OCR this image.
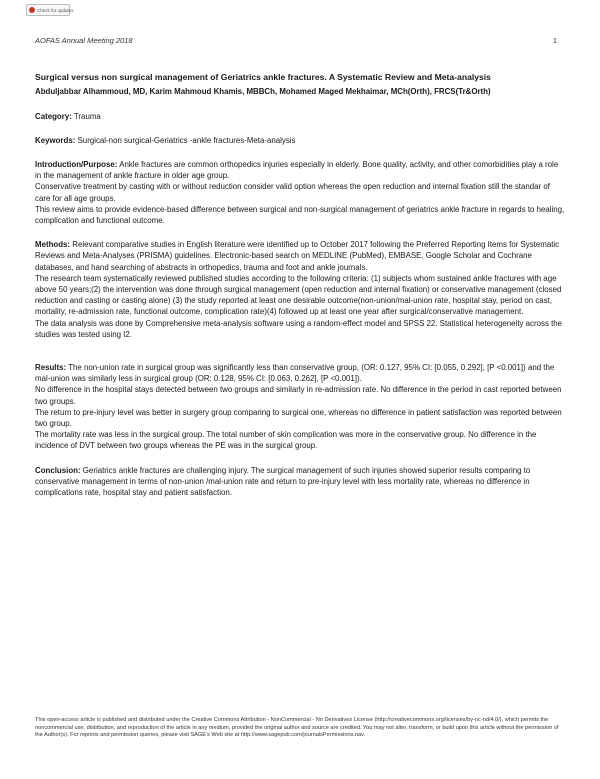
Check for updates
AOFAS Annual Meeting 2018	1
Surgical versus non surgical management of Geriatrics ankle fractures. A Systematic Review and Meta-analysis

Abduljabbar Alhammoud, MD, Karim Mahmoud Khamis, MBBCh, Mohamed Maged Mekhaimar, MCh(Orth), FRCS(Tr&Orth)

Category: Trauma

Keywords: Surgical-non surgical-Geriatrics -ankle fractures-Meta-analysis

Introduction/Purpose: Ankle fractures are common orthopedics injuries especially in elderly. Bone quality, activity, and other comorbidities play a role in the management of ankle fracture in older age group.

Conservative treatment by casting with or without reduction consider valid option whereas the open reduction and internal fixation still the standar of care for all age groups.

This review aims to provide evidence-based difference between surgical and non-surgical management of geriatrics ankle fracture in regards to healing, complication and functional outcome.

Methods: Relevant comparative studies in English literature were identified up to October 2017 following the Preferred Reporting Items for Systematic Reviews and Meta-Analyses (PRISMA) guidelines. Electronic-based search on MEDLINE (PubMed), EMBASE, Google Scholar and Cochrane databases, and hand searching of abstracts in orthopedics, trauma and foot and ankle journals.

The research team systematically reviewed published studies according to the following criteria: (1) subjects whom sustained ankle fractures with age above 50 years;(2) the intervention was done through surgical management (open reduction and internal fixation) or conservative management (closed reduction and casting or casting alone) (3) the study reported at least one desirable outcome(non-union/mal-union rate, hospital stay, period on cast, mortality, re-admission rate, functional outcome, complication rate)(4) followed up at least one year after surgical/conservative management.

The data analysis was done by Comprehensive meta-analysis software using a random-effect model and SPSS 22. Statistical heterogeneity across the studies was tested using I2.

Results: The non-union rate in surgical group was significantly less than conservative group, (OR: 0.127, 95% CI: [0.055, 0.292], [P <0.001]) and the mal-union was similarly less in surgical group (OR: 0.128, 95% CI: [0.063, 0.262], [P <0.001]).

No difference in the hospital stays detected between two groups and similarly in re-admission rate. No difference in the period in cast reported between two groups.

The return to pre-injury level was better in surgery group comparing to surgical one, whereas no difference in patient satisfaction was reported between two group.

The mortality rate was less in the surgical group. The total number of skin complication was more in the conservative group. No difference in the incidence of DVT between two groups whereas the PE was in the surgical group.

Conclusion: Geriatrics ankle fractures are challenging injury. The surgical management of such injuries showed superior results comparing to conservative management in terms of non-union /mal-union rate and return to pre-injury level with less mortality rate, whereas no difference in complications rate, hospital stay and patient satisfaction.

This open-access article is published and distributed under the Creative Commons Attribution - NonCommercial - No Derivatives License (http://creativecommons.org/licenses/by-nc-nd/4.0/), which permits the noncommercial use, distribution, and reproduction of the article in any medium, provided the original author and source are credited. You may not alter, transform, or build upon this article without the permission of the Author(s). For reprints and permission queries, please visit SAGE's Web site at http://www.sagepub.com/journalsPermissions.nav.
